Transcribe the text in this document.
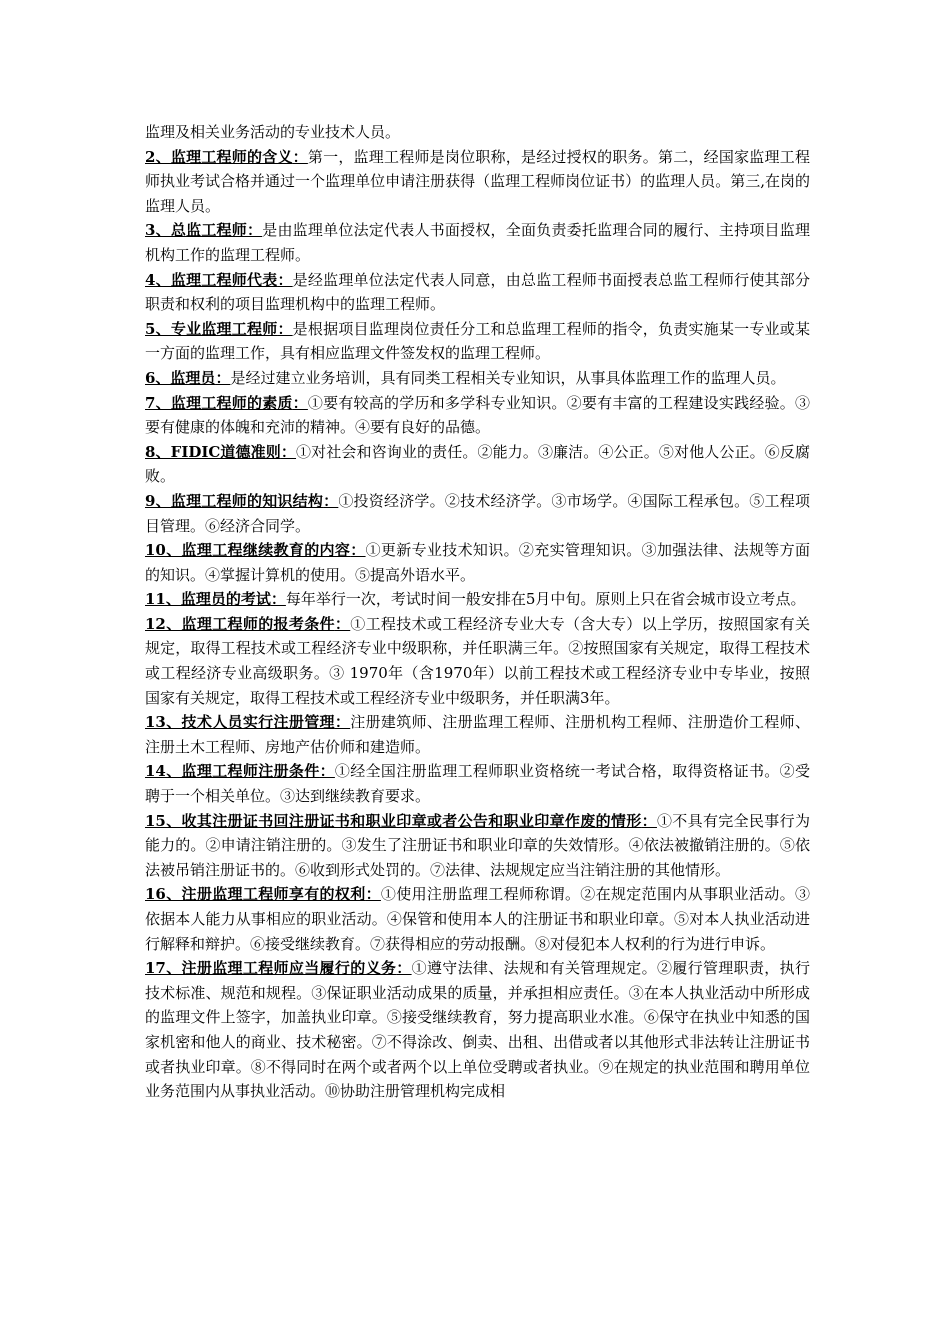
监理及相关业务活动的专业技术人员。

2、监理工程师的含义：第一，监理工程师是岗位职称，是经过授权的职务。第二，经国家监理工程师执业考试合格并通过一个监理单位申请注册获得（监理工程师岗位证书）的监理人员。第三,在岗的监理人员。

3、总监工程师：是由监理单位法定代表人书面授权，全面负责委托监理合同的履行、主持项目监理机构工作的监理工程师。

4、监理工程师代表：是经监理单位法定代表人同意，由总监工程师书面授表总监工程师行使其部分职责和权利的项目监理机构中的监理工程师。

5、专业监理工程师：是根据项目监理岗位责任分工和总监理工程师的指令，负责实施某一专业或某一方面的监理工作，具有相应监理文件签发权的监理工程师。

6、监理员：是经过建立业务培训，具有同类工程相关专业知识，从事具体监理工作的监理人员。

7、监理工程师的素质：①要有较高的学历和多学科专业知识。②要有丰富的工程建设实践经验。③要有健康的体魄和充沛的精神。④要有良好的品德。

8、FIDIC道德准则：①对社会和咨询业的责任。②能力。③廉洁。④公正。⑤对他人公正。⑥反腐败。

9、监理工程师的知识结构：①投资经济学。②技术经济学。③市场学。④国际工程承包。⑤工程项目管理。⑥经济合同学。

10、监理工程继续教育的内容：①更新专业技术知识。②充实管理知识。③加强法律、法规等方面的知识。④掌握计算机的使用。⑤提高外语水平。

11、监理员的考试：每年举行一次，考试时间一般安排在5月中旬。原则上只在省会城市设立考点。

12、监理工程师的报考条件：①工程技术或工程经济专业大专（含大专）以上学历，按照国家有关规定，取得工程技术或工程经济专业中级职称，并任职满三年。②按照国家有关规定，取得工程技术或工程经济专业高级职务。③ 1970年（含1970年）以前工程技术或工程经济专业中专毕业，按照国家有关规定，取得工程技术或工程经济专业中级职务，并任职满3年。

13、技术人员实行注册管理：注册建筑师、注册监理工程师、注册机构工程师、注册造价工程师、注册土木工程师、房地产估价师和建造师。

14、监理工程师注册条件：①经全国注册监理工程师职业资格统一考试合格，取得资格证书。②受聘于一个相关单位。③达到继续教育要求。

15、收其注册证书回注册证书和职业印章或者公告和职业印章作废的情形：①不具有完全民事行为能力的。②申请注销注册的。③发生了注册证书和职业印章的失效情形。④依法被撤销注册的。⑤依法被吊销注册证书的。⑥收到形式处罚的。⑦法律、法规规定应当注销注册的其他情形。

16、注册监理工程师享有的权利：①使用注册监理工程师称谓。②在规定范围内从事职业活动。③依据本人能力从事相应的职业活动。④保管和使用本人的注册证书和职业印章。⑤对本人执业活动进行解释和辩护。⑥接受继续教育。⑦获得相应的劳动报酬。⑧对侵犯本人权利的行为进行申诉。

17、注册监理工程师应当履行的义务：①遵守法律、法规和有关管理规定。②履行管理职责，执行技术标准、规范和规程。③保证职业活动成果的质量，并承担相应责任。③在本人执业活动中所形成的监理文件上签字，加盖执业印章。⑤接受继续教育，努力提高职业水准。⑥保守在执业中知悉的国家机密和他人的商业、技术秘密。⑦不得涂改、倒卖、出租、出借或者以其他形式非法转让注册证书或者执业印章。⑧不得同时在两个或者两个以上单位受聘或者执业。⑨在规定的执业范围和聘用单位业务范围内从事执业活动。⑩协助注册管理机构完成相
